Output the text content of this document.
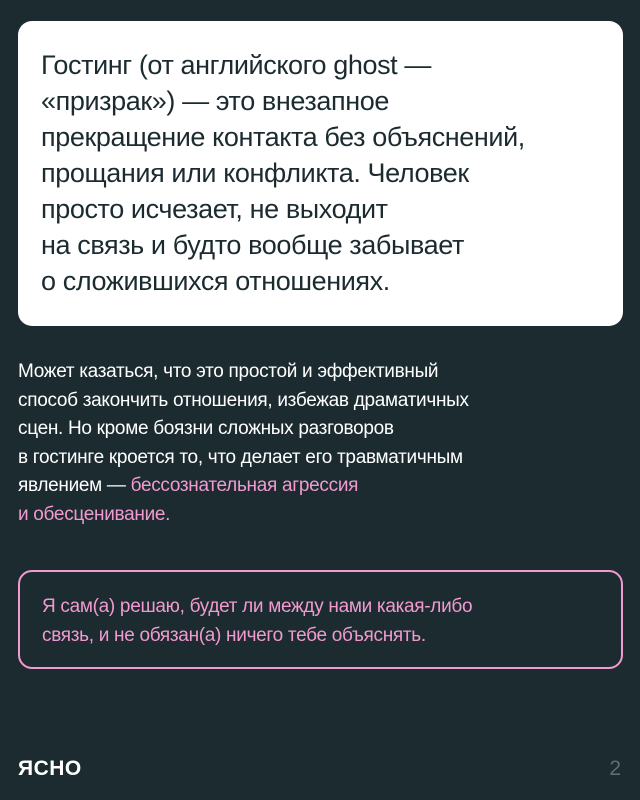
Гостинг (от английского ghost —
«призрак») — это внезапное
прекращение контакта без объяснений,
прощания или конфликта. Человек
просто исчезает, не выходит
на связь и будто вообще забывает
о сложившихся отношениях.

Может казаться, что это простой и эффективный
способ закончить отношения, избежав драматичных
сцен. Но кроме боязни сложных разговоров
в гостинге кроется то, что делает его травматичным
явлением — бессознательная агрессия
и обесценивание.

Я сам(а) решаю, будет ли между нами какая-либо
связь, и не обязан(а) ничего тебе объяснять.

ЯСНО	2
